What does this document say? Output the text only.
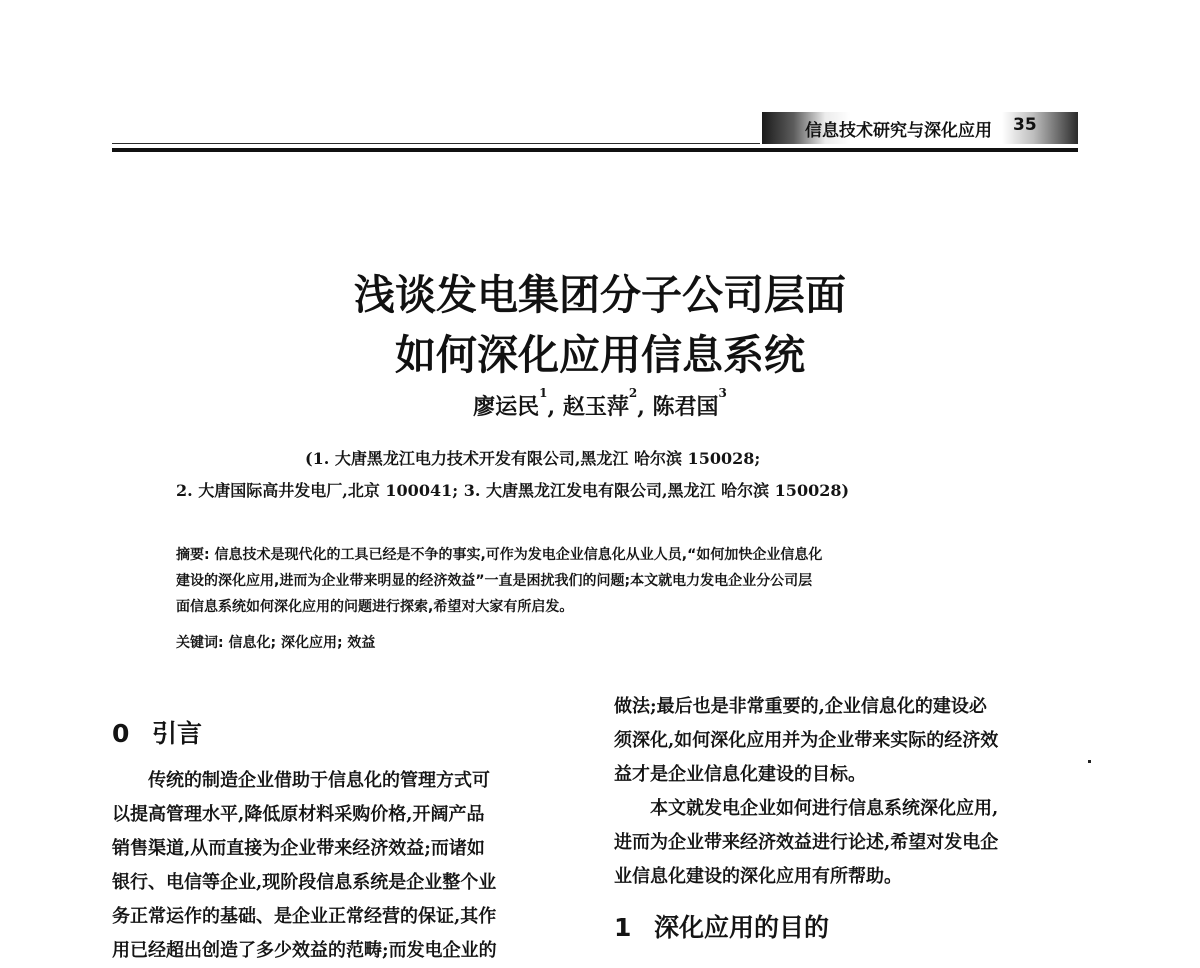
信息技术研究与深化应用 35
浅谈发电集团分子公司层面
如何深化应用信息系统
廖运民$^1$, 赵玉萍$^2$, 陈君国$^3$
(1. 大唐黑龙江电力技术开发有限公司,黑龙江 哈尔滨 150028;
2. 大唐国际高井发电厂,北京 100041; 3. 大唐黑龙江发电有限公司,黑龙江 哈尔滨 150028)
摘要: 信息技术是现代化的工具已经是不争的事实,可作为发电企业信息化从业人员,“如何加快企业信息化
建设的深化应用,进而为企业带来明显的经济效益”一直是困扰我们的问题;本文就电力发电企业分公司层
面信息系统如何深化应用的问题进行探索,希望对大家有所启发。
关键词: 信息化; 深化应用; 效益
0 引言

传统的制造企业借助于信息化的管理方式可

以提高管理水平,降低原材料采购价格,开阔产品

销售渠道,从而直接为企业带来经济效益;而诸如

银行、电信等企业,现阶段信息系统是企业整个业

务正常运作的基础、是企业正常经营的保证,其作

用已经超出创造了多少效益的范畴;而发电企业的

做法;最后也是非常重要的,企业信息化的建设必

须深化,如何深化应用并为企业带来实际的经济效

益才是企业信息化建设的目标。

本文就发电企业如何进行信息系统深化应用,

进而为企业带来经济效益进行论述,希望对发电企

业信息化建设的深化应用有所帮助。

1 深化应用的目的
